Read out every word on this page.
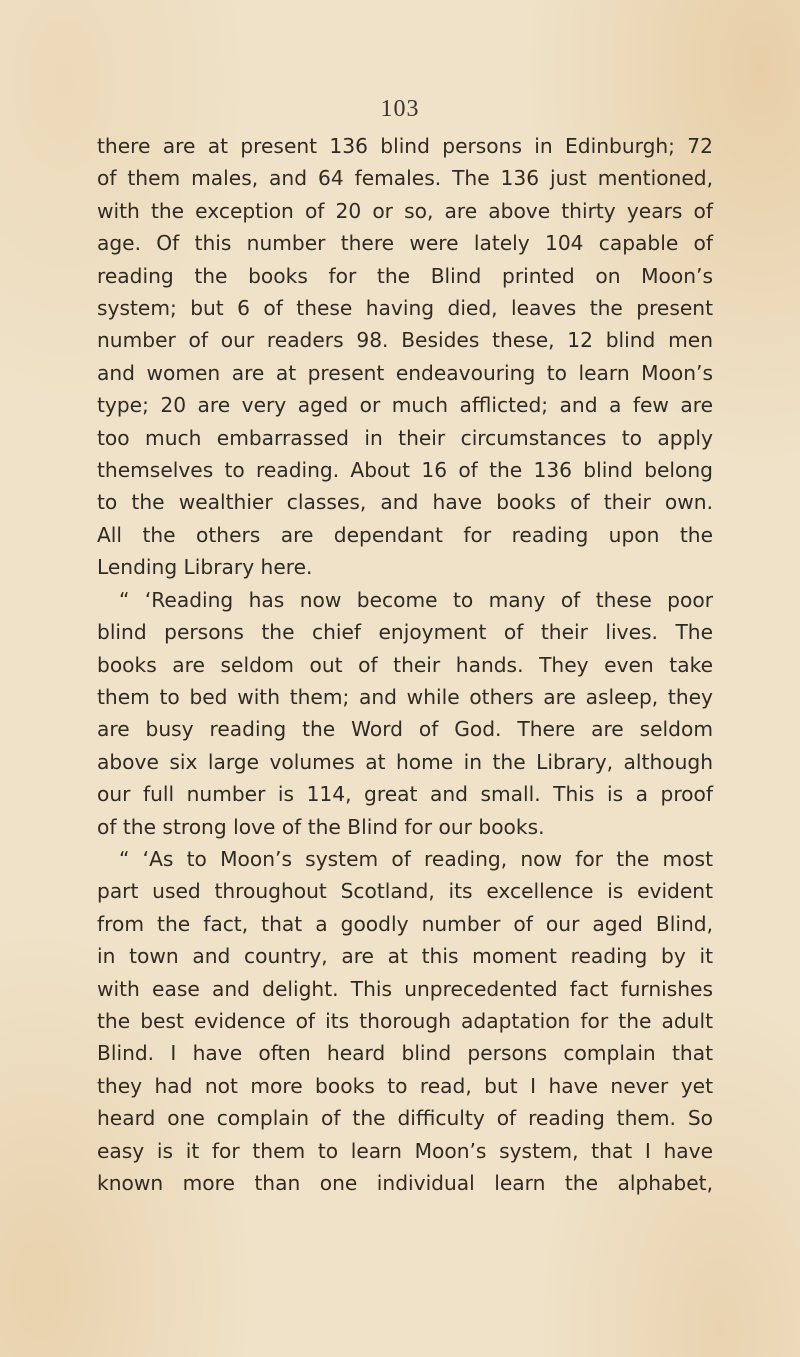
103
there are at present 136 blind persons in Edinburgh; 72
of them males, and 64 females. The 136 just mentioned,
with the exception of 20 or so, are above thirty years of
age. Of this number there were lately 104 capable of
reading the books for the Blind printed on Moon’s
system; but 6 of these having died, leaves the present
number of our readers 98. Besides these, 12 blind men
and women are at present endeavouring to learn Moon’s
type; 20 are very aged or much afflicted; and a few are
too much embarrassed in their circumstances to apply
themselves to reading. About 16 of the 136 blind belong
to the wealthier classes, and have books of their own.
All the others are dependant for reading upon the
Lending Library here.
“ ‘Reading has now become to many of these poor
blind persons the chief enjoyment of their lives. The
books are seldom out of their hands. They even take
them to bed with them; and while others are asleep, they
are busy reading the Word of God. There are seldom
above six large volumes at home in the Library, although
our full number is 114, great and small. This is a proof
of the strong love of the Blind for our books.
“ ‘As to Moon’s system of reading, now for the most
part used throughout Scotland, its excellence is evident
from the fact, that a goodly number of our aged Blind,
in town and country, are at this moment reading by it
with ease and delight. This unprecedented fact furnishes
the best evidence of its thorough adaptation for the adult
Blind. I have often heard blind persons complain that
they had not more books to read, but I have never yet
heard one complain of the difficulty of reading them. So
easy is it for them to learn Moon’s system, that I have
known more than one individual learn the alphabet,
